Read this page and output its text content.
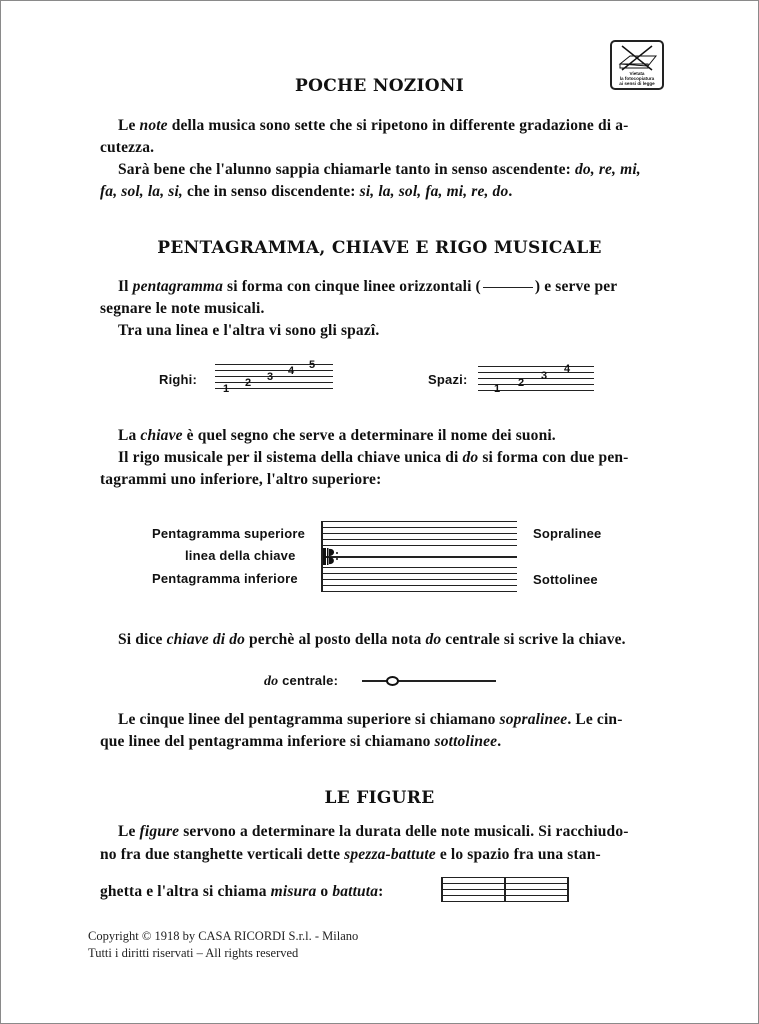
Vietata
la fotocopiatura
ai sensi di legge
POCHE NOZIONI
Le note della musica sono sette che si ripetono in differente gradazione di a-
cutezza.
Sarà bene che l'alunno sappia chiamarle tanto in senso ascendente: do, re, mi,
fa, sol, la, si, che in senso discendente: si, la, sol, fa, mi, re, do.
PENTAGRAMMA, CHIAVE E RIGO MUSICALE
Il pentagramma si forma con cinque linee orizzontali (	) e serve per
segnare le note musicali.
Tra una linea e l'altra vi sono gli spazî.
Righi:
1 2 3 4 5
Spazi:
1 2
3
4
La chiave è quel segno che serve a determinare il nome dei suoni.
Il rigo musicale per il sistema della chiave unica di do si forma con due pen-
tagrammi uno inferiore, l'altro superiore:
Pentagramma superiore
linea della chiave
Pentagramma inferiore
Sopralinee
Sottolinee
Si dice chiave di do perchè al posto della nota do centrale si scrive la chiave.
do centrale:
Le cinque linee del pentagramma superiore si chiamano sopralinee. Le cin-
que linee del pentagramma inferiore si chiamano sottolinee.
LE FIGURE
Le figure servono a determinare la durata delle note musicali. Si racchiudo-
no fra due stanghette verticali dette spezza-battute e lo spazio fra una stan-
ghetta e l'altra si chiama misura o battuta:
Copyright © 1918 by CASA RICORDI S.r.l. - Milano
Tutti i diritti riservati – All rights reserved
